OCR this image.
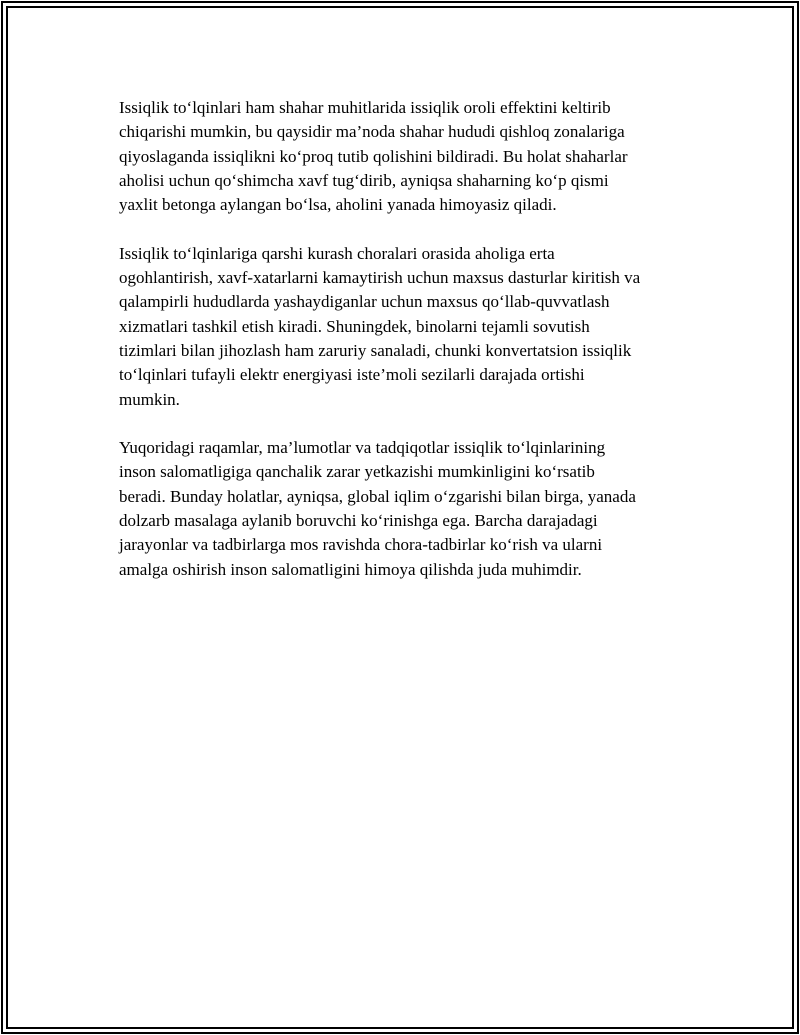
Issiqlik to‘lqinlari ham shahar muhitlarida issiqlik oroli effektini keltirib
chiqarishi mumkin, bu qaysidir ma’noda shahar hududi qishloq zonalariga
qiyoslaganda issiqlikni ko‘proq tutib qolishini bildiradi. Bu holat shaharlar
aholisi uchun qo‘shimcha xavf tug‘dirib, ayniqsa shaharning ko‘p qismi
yaxlit betonga aylangan bo‘lsa, aholini yanada himoyasiz qiladi.

Issiqlik to‘lqinlariga qarshi kurash choralari orasida aholiga erta
ogohlantirish, xavf-xatarlarni kamaytirish uchun maxsus dasturlar kiritish va
qalampirli hududlarda yashaydiganlar uchun maxsus qo‘llab-quvvatlash
xizmatlari tashkil etish kiradi. Shuningdek, binolarni tejamli sovutish
tizimlari bilan jihozlash ham zaruriy sanaladi, chunki konvertatsion issiqlik
to‘lqinlari tufayli elektr energiyasi iste’moli sezilarli darajada ortishi
mumkin.

Yuqoridagi raqamlar, ma’lumotlar va tadqiqotlar issiqlik to‘lqinlarining
inson salomatligiga qanchalik zarar yetkazishi mumkinligini ko‘rsatib
beradi. Bunday holatlar, ayniqsa, global iqlim o‘zgarishi bilan birga, yanada
dolzarb masalaga aylanib boruvchi ko‘rinishga ega. Barcha darajadagi
jarayonlar va tadbirlarga mos ravishda chora-tadbirlar ko‘rish va ularni
amalga oshirish inson salomatligini himoya qilishda juda muhimdir.
